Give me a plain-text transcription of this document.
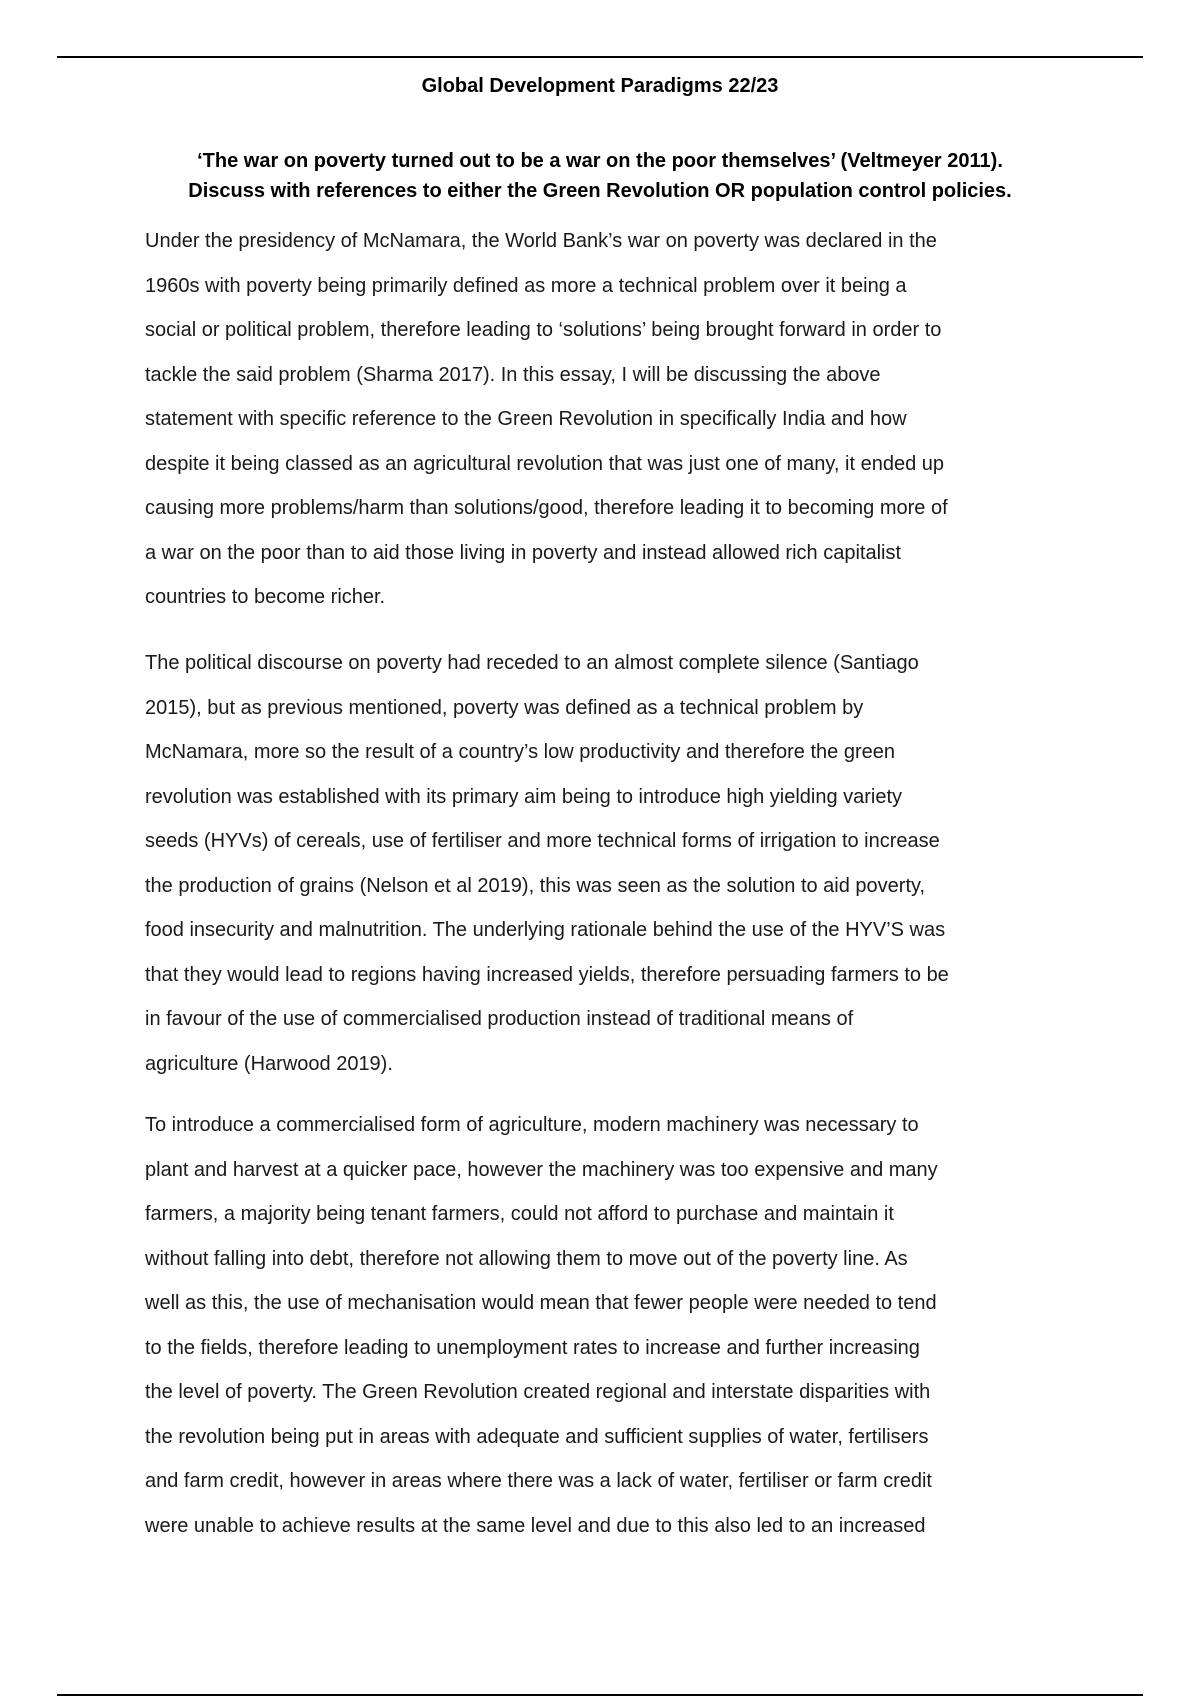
Global Development Paradigms 22/23
‘The war on poverty turned out to be a war on the poor themselves’ (Veltmeyer 2011).
Discuss with references to either the Green Revolution OR population control policies.
Under the presidency of McNamara, the World Bank’s war on poverty was declared in the
1960s with poverty being primarily defined as more a technical problem over it being a
social or political problem, therefore leading to ‘solutions’ being brought forward in order to
tackle the said problem (Sharma 2017). In this essay, I will be discussing the above
statement with specific reference to the Green Revolution in specifically India and how
despite it being classed as an agricultural revolution that was just one of many, it ended up
causing more problems/harm than solutions/good, therefore leading it to becoming more of
a war on the poor than to aid those living in poverty and instead allowed rich capitalist
countries to become richer.
The political discourse on poverty had receded to an almost complete silence (Santiago
2015), but as previous mentioned, poverty was defined as a technical problem by
McNamara, more so the result of a country’s low productivity and therefore the green
revolution was established with its primary aim being to introduce high yielding variety
seeds (HYVs) of cereals, use of fertiliser and more technical forms of irrigation to increase
the production of grains (Nelson et al 2019), this was seen as the solution to aid poverty,
food insecurity and malnutrition. The underlying rationale behind the use of the HYV’S was
that they would lead to regions having increased yields, therefore persuading farmers to be
in favour of the use of commercialised production instead of traditional means of
agriculture (Harwood 2019).
To introduce a commercialised form of agriculture, modern machinery was necessary to
plant and harvest at a quicker pace, however the machinery was too expensive and many
farmers, a majority being tenant farmers, could not afford to purchase and maintain it
without falling into debt, therefore not allowing them to move out of the poverty line. As
well as this, the use of mechanisation would mean that fewer people were needed to tend
to the fields, therefore leading to unemployment rates to increase and further increasing
the level of poverty. The Green Revolution created regional and interstate disparities with
the revolution being put in areas with adequate and sufficient supplies of water, fertilisers
and farm credit, however in areas where there was a lack of water, fertiliser or farm credit
were unable to achieve results at the same level and due to this also led to an increased
